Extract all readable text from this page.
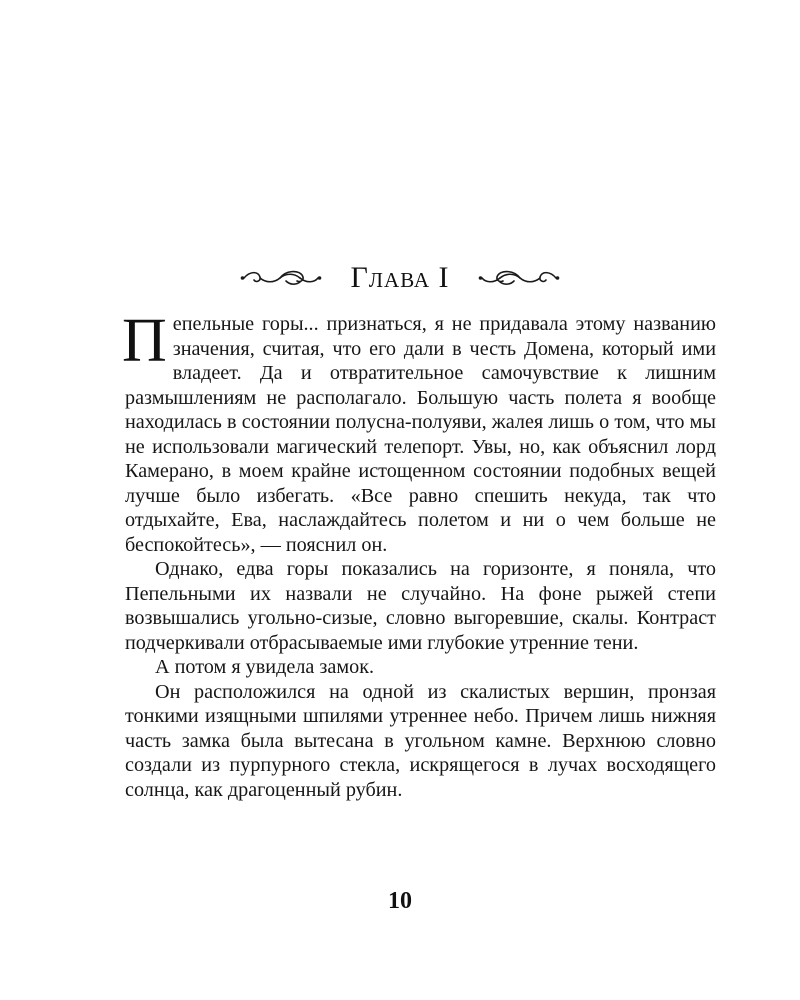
Глава I

Пепельные горы... признаться, я не придавала этому названию значения, считая, что его дали в честь Домена, который ими владеет. Да и отвратительное самочувствие к лишним размышлениям не располагало. Большую часть полета я вообще находилась в состоянии полусна-полуяви, жалея лишь о том, что мы не использовали магический телепорт. Увы, но, как объяснил лорд Камерано, в моем крайне истощенном состоянии подобных вещей лучше было избегать. «Все равно спешить некуда, так что отдыхайте, Ева, наслаждайтесь полетом и ни о чем больше не беспокойтесь», — пояснил он.

Однако, едва горы показались на горизонте, я поняла, что Пепельными их назвали не случайно. На фоне рыжей степи возвышались угольно-сизые, словно выгоревшие, скалы. Контраст подчеркивали отбрасываемые ими глубокие утренние тени.

А потом я увидела замок.

Он расположился на одной из скалистых вершин, пронзая тонкими изящными шпилями утреннее небо. Причем лишь нижняя часть замка была вытесана в угольном камне. Верхнюю словно создали из пурпурного стекла, искрящегося в лучах восходящего солнца, как драгоценный рубин.

10
